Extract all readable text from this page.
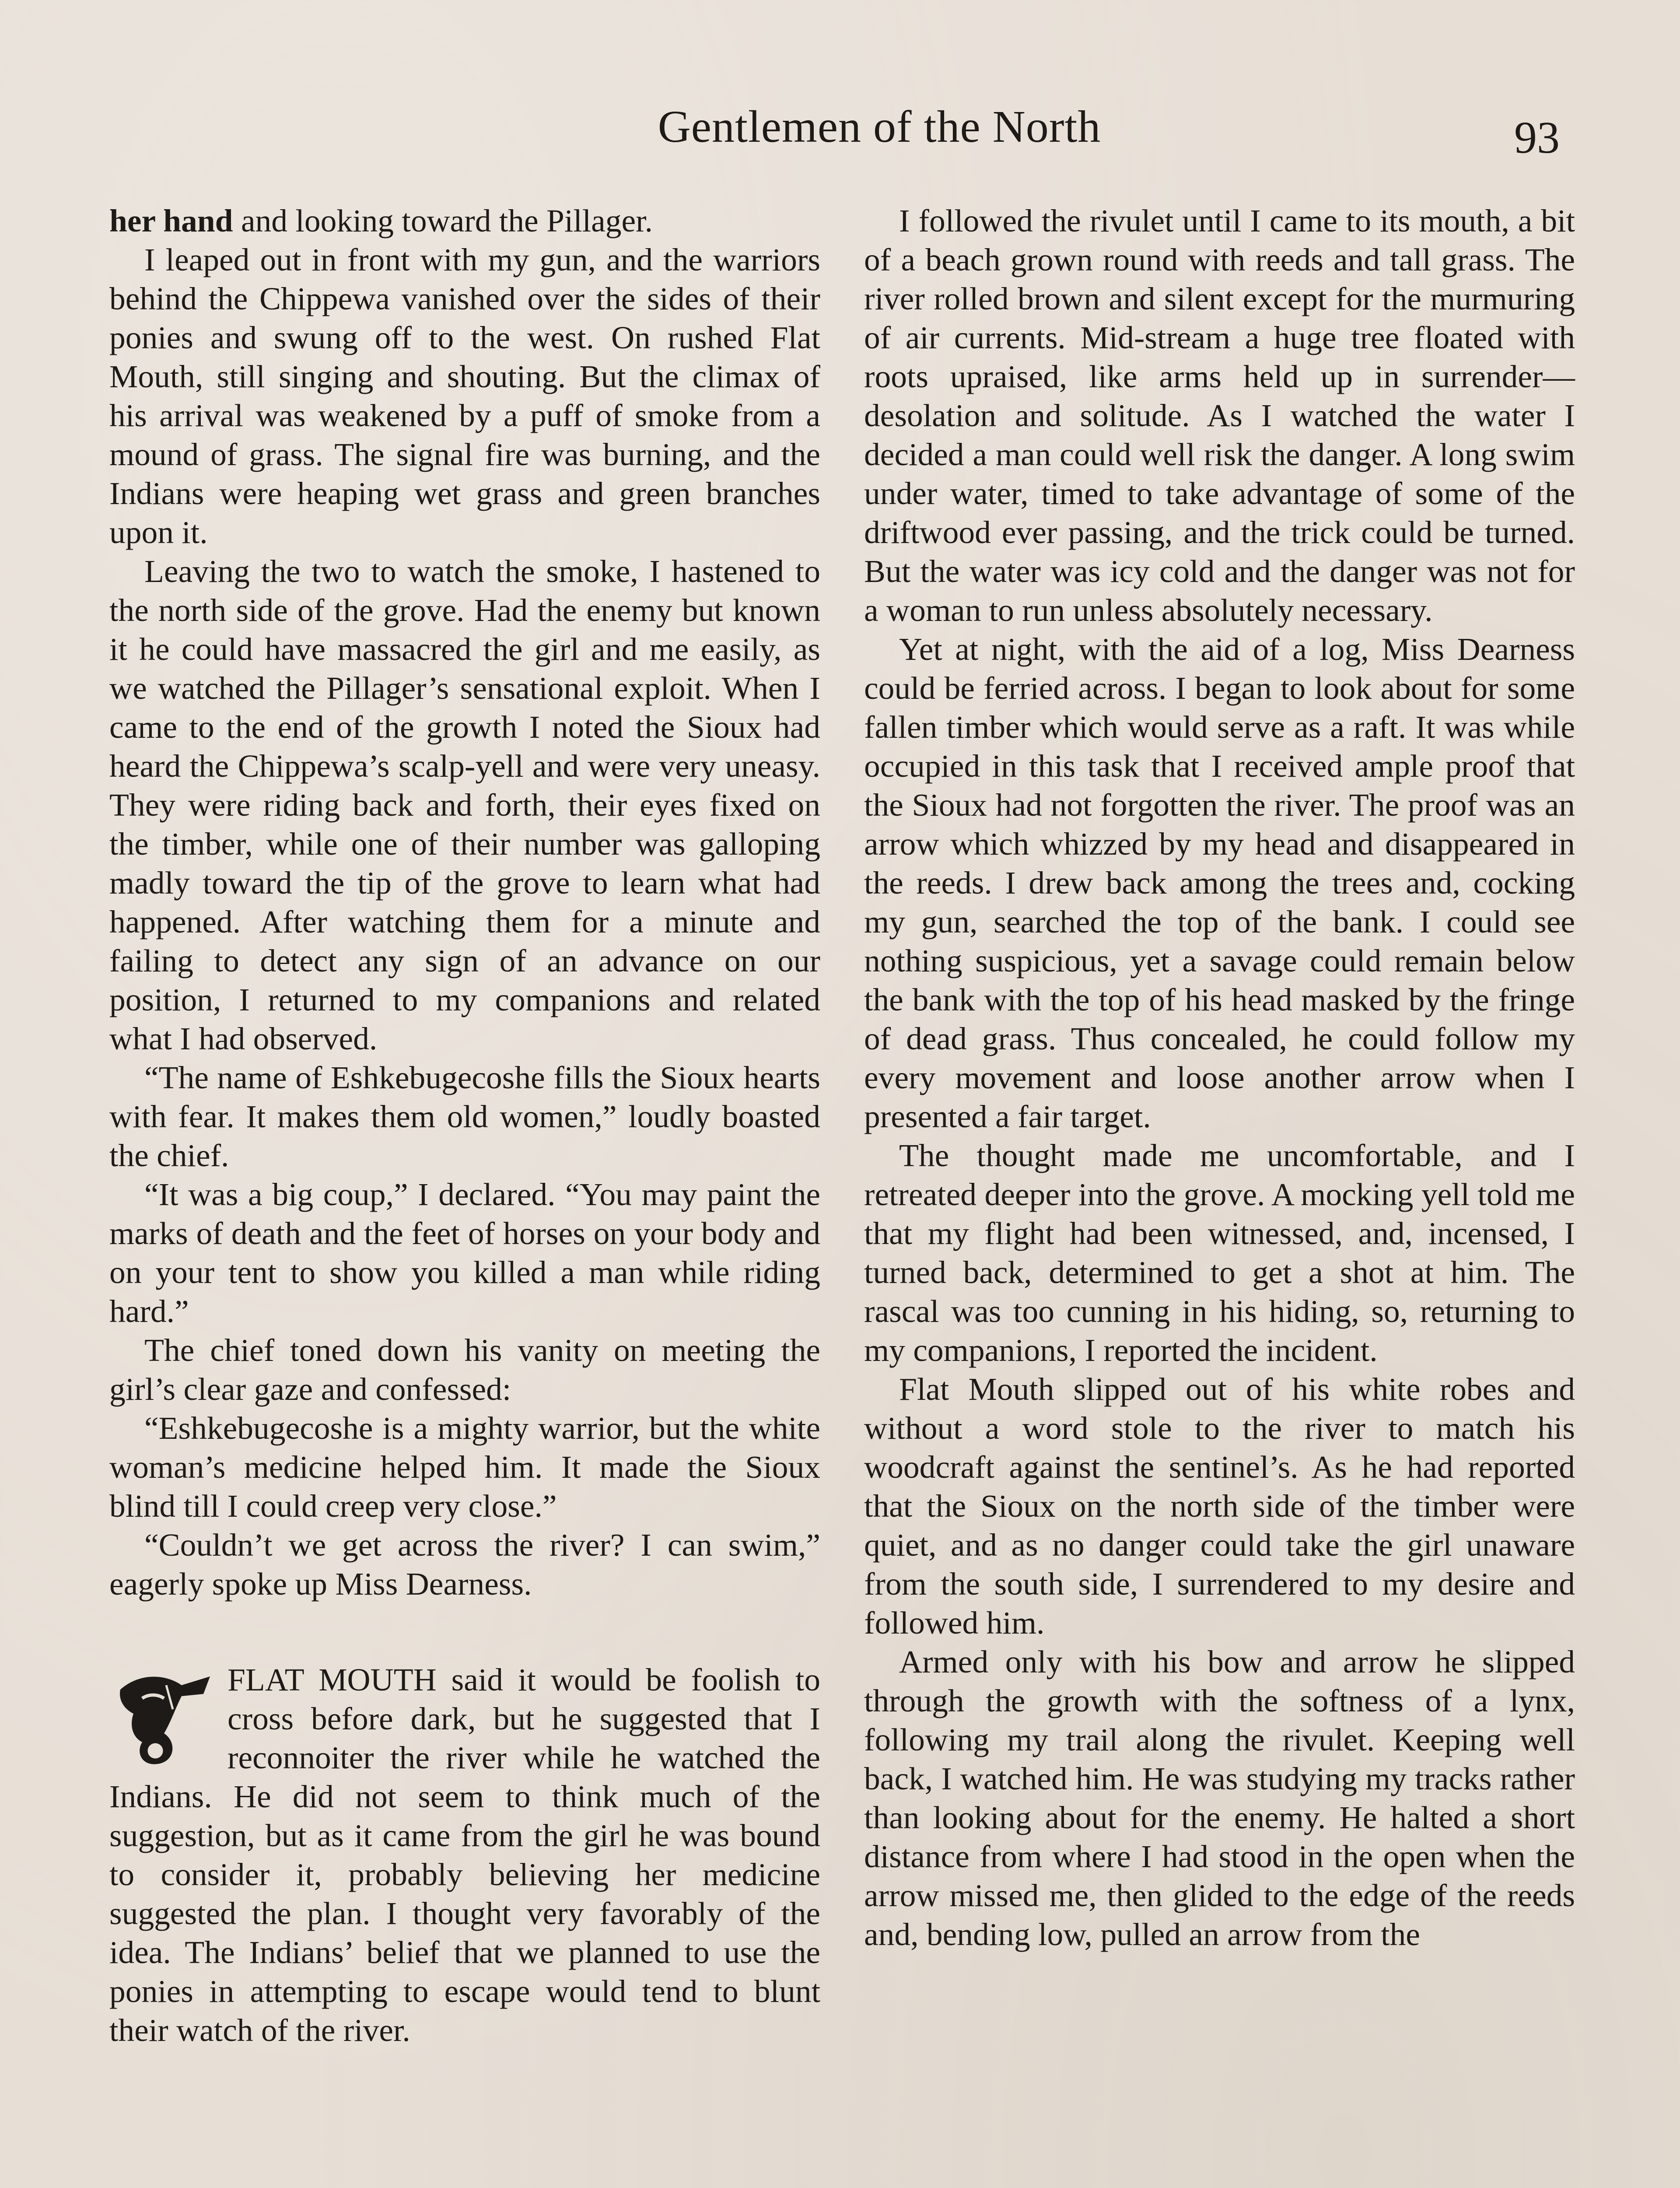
Gentlemen of the North	93

her hand and looking toward the Pillager.

I leaped out in front with my gun, and the warriors behind the Chippewa vanished over the sides of their ponies and swung off to the west. On rushed Flat Mouth, still singing and shouting. But the climax of his arrival was weakened by a puff of smoke from a mound of grass. The signal fire was burning, and the Indians were heaping wet grass and green branches upon it.

Leaving the two to watch the smoke, I hastened to the north side of the grove. Had the enemy but known it he could have massacred the girl and me easily, as we watched the Pillager’s sensational exploit. When I came to the end of the growth I noted the Sioux had heard the Chippewa’s scalp-yell and were very uneasy. They were riding back and forth, their eyes fixed on the timber, while one of their number was galloping madly toward the tip of the grove to learn what had happened. After watching them for a minute and failing to detect any sign of an advance on our position, I returned to my companions and related what I had observed.

“The name of Eshkebugecoshe fills the Sioux hearts with fear. It makes them old women,” loudly boasted the chief.

“It was a big coup,” I declared. “You may paint the marks of death and the feet of horses on your body and on your tent to show you killed a man while riding hard.”

The chief toned down his vanity on meeting the girl’s clear gaze and confessed:

“Eshkebugecoshe is a mighty warrior, but the white woman’s medicine helped him. It made the Sioux blind till I could creep very close.”

“Couldn’t we get across the river? I can swim,” eagerly spoke up Miss Dearness.

FLAT MOUTH said it would be foolish to cross before dark, but he suggested that I reconnoiter the river while he watched the Indians. He did not seem to think much of the suggestion, but as it came from the girl he was bound to consider it, probably believing her medicine suggested the plan. I thought very favorably of the idea. The Indians’ belief that we planned to use the ponies in attempting to escape would tend to blunt their watch of the river.

I followed the rivulet until I came to its mouth, a bit of a beach grown round with reeds and tall grass. The river rolled brown and silent except for the murmuring of air currents. Mid-stream a huge tree floated with roots upraised, like arms held up in surrender—desolation and solitude. As I watched the water I decided a man could well risk the danger. A long swim under water, timed to take advantage of some of the driftwood ever passing, and the trick could be turned. But the water was icy cold and the danger was not for a woman to run unless absolutely necessary.

Yet at night, with the aid of a log, Miss Dearness could be ferried across. I began to look about for some fallen timber which would serve as a raft. It was while occupied in this task that I received ample proof that the Sioux had not forgotten the river. The proof was an arrow which whizzed by my head and disappeared in the reeds. I drew back among the trees and, cocking my gun, searched the top of the bank. I could see nothing suspicious, yet a savage could remain below the bank with the top of his head masked by the fringe of dead grass. Thus concealed, he could follow my every movement and loose another arrow when I presented a fair target.

The thought made me uncomfortable, and I retreated deeper into the grove. A mocking yell told me that my flight had been witnessed, and, incensed, I turned back, determined to get a shot at him. The rascal was too cunning in his hiding, so, returning to my companions, I reported the incident.

Flat Mouth slipped out of his white robes and without a word stole to the river to match his woodcraft against the sentinel’s. As he had reported that the Sioux on the north side of the timber were quiet, and as no danger could take the girl unaware from the south side, I surrendered to my desire and followed him.

Armed only with his bow and arrow he slipped through the growth with the softness of a lynx, following my trail along the rivulet. Keeping well back, I watched him. He was studying my tracks rather than looking about for the enemy. He halted a short distance from where I had stood in the open when the arrow missed me, then glided to the edge of the reeds and, bending low, pulled an arrow from the
